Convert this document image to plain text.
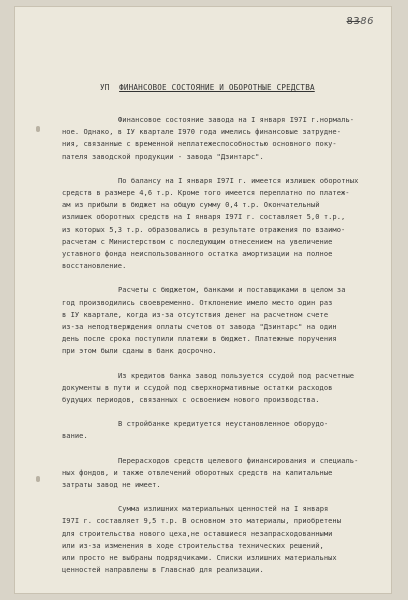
8386
УП ФИНАНСОВОЕ СОСТОЯНИЕ И ОБОРОТНЫЕ СРЕДСТВА
Финансовое состояние завода на I января I97I г.нормаль-
ное. Однако, в IУ квартале I970 года имелись финансовые затрудне-
ния, связанные с временной неплатежеспособностью основного поку-
пателя заводской продукции - завода "Дзинтарс".
По балансу на I января I97I г. имеется излишек оборотных
средств в размере 4,6 т.р. Кроме того имеется переплатно по платеж-
ам из прибыли в бюджет на общую сумму 0,4 т.р. Окончательный
излишек оборотных средств на I января I97I г. составляет 5,0 т.р.,
из которых 5,3 т.р. образовались в результате отражения по взаимо-
расчетам с Министерством с последующим отнесением на увеличение
уставного фонда неиспользованного остатка амортизации на полное
восстановление.
Расчеты с бюджетом, банками и поставщиками в целом за
год производились своевременно. Отклонение имело место один раз
в IУ квартале, когда из-за отсутствия денег на расчетном счете
из-за неподтверждения оплаты счетов от завода "Дзинтарс" на один
день после срока поступили платежи в бюджет. Платежные поручения
при этом были сданы в банк досрочно.
Из кредитов банка завод пользуется ссудой под расчетные
документы в пути и ссудой под сверхнормативные остатки расходов
будущих периодов, связанных с освоением нового производства.
В стройбанке кредитуется неустановленное оборудо-
вание.
Перерасходов средств целевого финансирования и специаль-
ных фондов, и также отвлечений оборотных средств на капитальные
затраты завод не имеет.
Сумма излишних материальных ценностей на I января
I97I г. составляет 9,5 т.р. В основном это материалы, приобретены
для строительства нового цеха,не оставшиеся незапрасходованными
или из-за изменения в ходе строительства технических решений,
или просто не выбраны подрядчиками. Списки излишних материальных
ценностей направлены в Главснаб для реализации.
